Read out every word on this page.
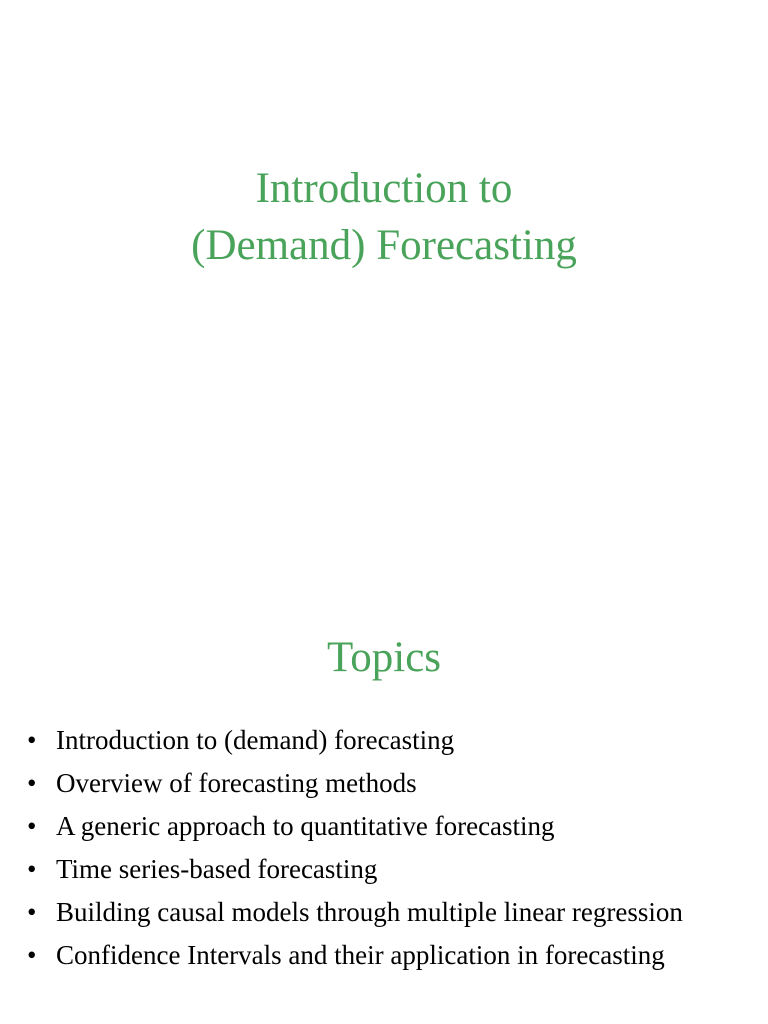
Introduction to
(Demand) Forecasting
Topics
• Introduction to (demand) forecasting
• Overview of forecasting methods
• A generic approach to quantitative forecasting
• Time series-based forecasting
• Building causal models through multiple linear regression
• Confidence Intervals and their application in forecasting
